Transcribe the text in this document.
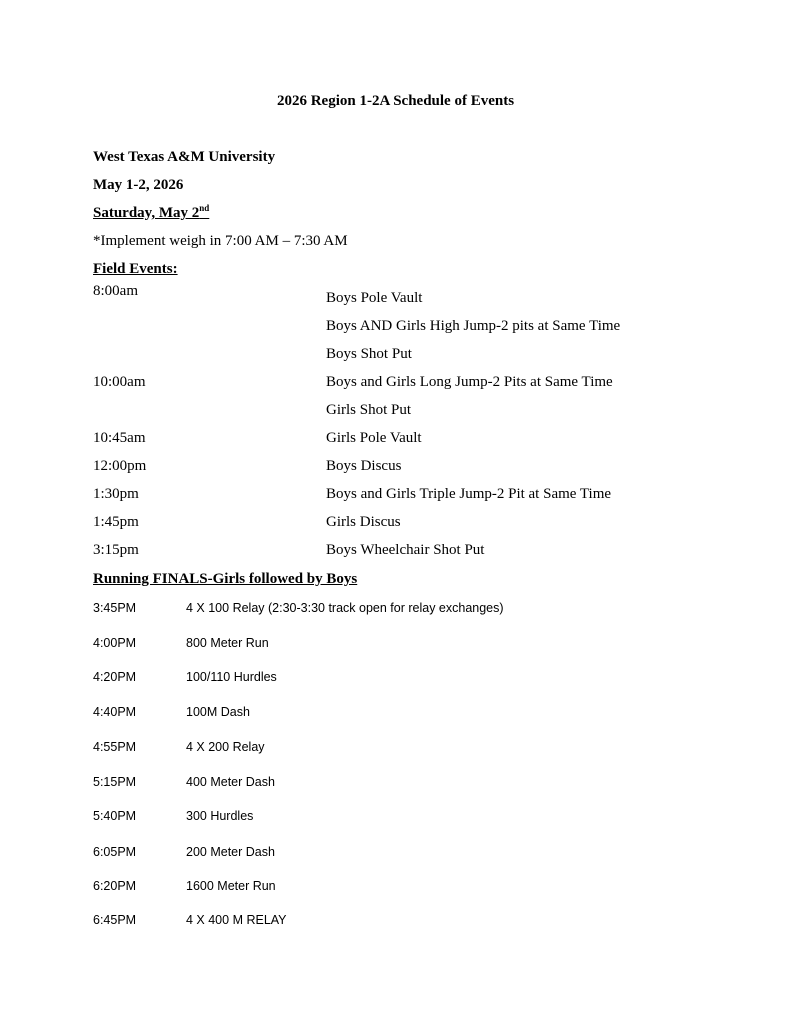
2026 Region 1-2A Schedule of Events
West Texas A&M University
May 1-2, 2026
Saturday, May 2nd
*Implement weigh in 7:00 AM – 7:30 AM
Field Events:
8:00am	Boys Pole Vault
Boys AND Girls High Jump-2 pits at Same Time
Boys Shot Put
10:00am	Boys and Girls Long Jump-2 Pits at Same Time
Girls Shot Put
10:45am	Girls Pole Vault
12:00pm	Boys Discus
1:30pm	Boys and Girls Triple Jump-2 Pit at Same Time
1:45pm	Girls Discus
3:15pm	Boys Wheelchair Shot Put
Running FINALS-Girls followed by Boys
3:45PM	4 X 100 Relay (2:30-3:30 track open for relay exchanges)
4:00PM	800 Meter Run
4:20PM	100/110 Hurdles
4:40PM	100M Dash
4:55PM	4 X 200 Relay
5:15PM	400 Meter Dash
5:40PM	300 Hurdles
6:05PM	200 Meter Dash
6:20PM	1600 Meter Run
6:45PM	4 X 400 M RELAY
